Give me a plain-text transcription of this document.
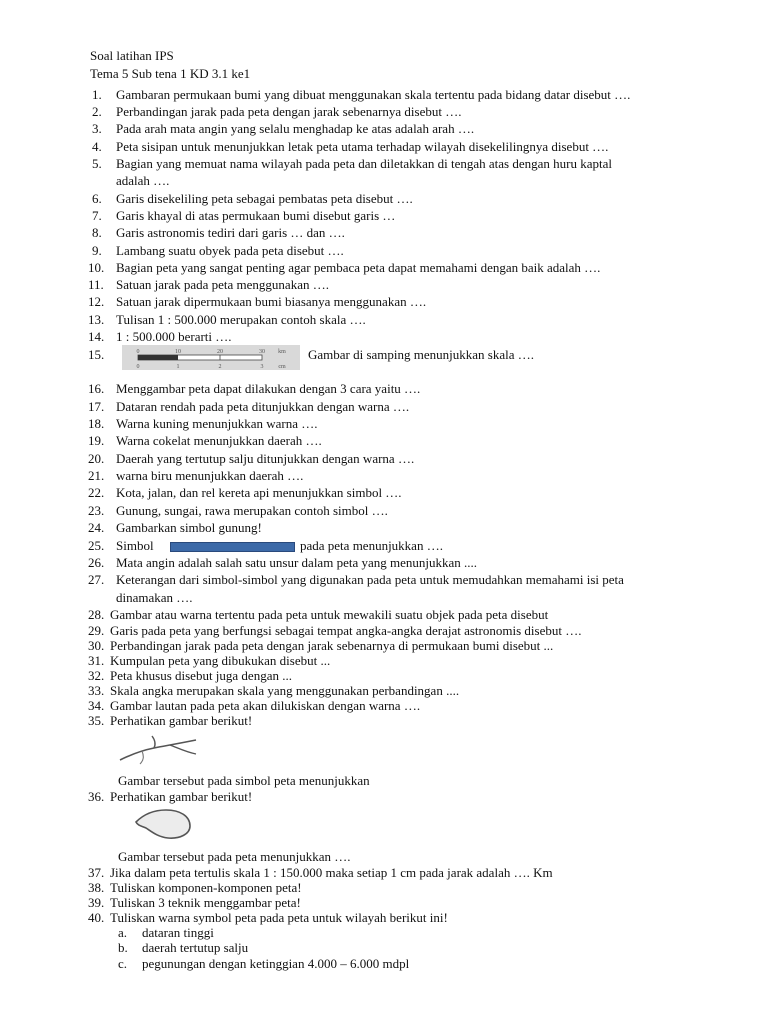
Soal latihan IPS
Tema 5 Sub tena 1 KD 3.1 ke1
1. Gambaran permukaan bumi yang dibuat menggunakan skala tertentu pada bidang datar disebut ….
2. Perbandingan jarak pada peta dengan jarak sebenarnya disebut ….
3. Pada arah mata angin yang selalu menghadap ke atas adalah arah ….
4. Peta sisipan untuk menunjukkan letak peta utama terhadap wilayah disekelilingnya disebut ….
5. Bagian yang memuat nama wilayah pada peta dan diletakkan di tengah atas dengan huru kaptal
adalah ….
6. Garis disekeliling peta sebagai pembatas peta disebut ….
7. Garis khayal di atas permukaan bumi disebut garis …
8. Garis astronomis tediri dari garis … dan ….
9. Lambang suatu obyek pada peta disebut ….
10. Bagian peta yang sangat penting agar pembaca peta dapat memahami dengan baik adalah ….
11. Satuan jarak pada peta menggunakan ….
12. Satuan jarak dipermukaan bumi biasanya menggunakan ….
13. Tulisan 1 : 500.000 merupakan contoh skala ….
14. 1 : 500.000 berarti ….
15.	0	10	20	30 km
0	1	2	3 cm
Gambar di samping menunjukkan skala ….
16. Menggambar peta dapat dilakukan dengan 3 cara yaitu ….
17. Dataran rendah pada peta ditunjukkan dengan warna ….
18. Warna kuning menunjukkan warna ….
19. Warna cokelat menunjukkan daerah ….
20. Daerah yang tertutup salju ditunjukkan dengan warna ….
21. warna biru menunjukkan daerah ….
22. Kota, jalan, dan rel kereta api menunjukkan simbol ….
23. Gunung, sungai, rawa merupakan contoh simbol ….
24. Gambarkan simbol gunung!
25. Simbol	pada peta menunjukkan ….
26. Mata angin adalah salah satu unsur dalam peta yang menunjukkan ....
27. Keterangan dari simbol-simbol yang digunakan pada peta untuk memudahkan memahami isi peta
dinamakan ….
28. Gambar atau warna tertentu pada peta untuk mewakili suatu objek pada peta disebut
29. Garis pada peta yang berfungsi sebagai tempat angka-angka derajat astronomis disebut ….
30. Perbandingan jarak pada peta dengan jarak sebenarnya di permukaan bumi disebut ...
31. Kumpulan peta yang dibukukan disebut ...
32. Peta khusus disebut juga dengan ...
33. Skala angka merupakan skala yang menggunakan perbandingan ....
34. Gambar lautan pada peta akan dilukiskan dengan warna ….
35. Perhatikan gambar berikut!
Gambar tersebut pada simbol peta menunjukkan
36. Perhatikan gambar berikut!
Gambar tersebut pada peta menunjukkan ….
37. Jika dalam peta tertulis skala 1 : 150.000 maka setiap 1 cm pada jarak adalah …. Km
38. Tuliskan komponen-komponen peta!
39. Tuliskan 3 teknik menggambar peta!
40. Tuliskan warna symbol peta pada peta untuk wilayah berikut ini!
a. dataran tinggi
b. daerah tertutup salju
c. pegunungan dengan ketinggian 4.000 – 6.000 mdpl
